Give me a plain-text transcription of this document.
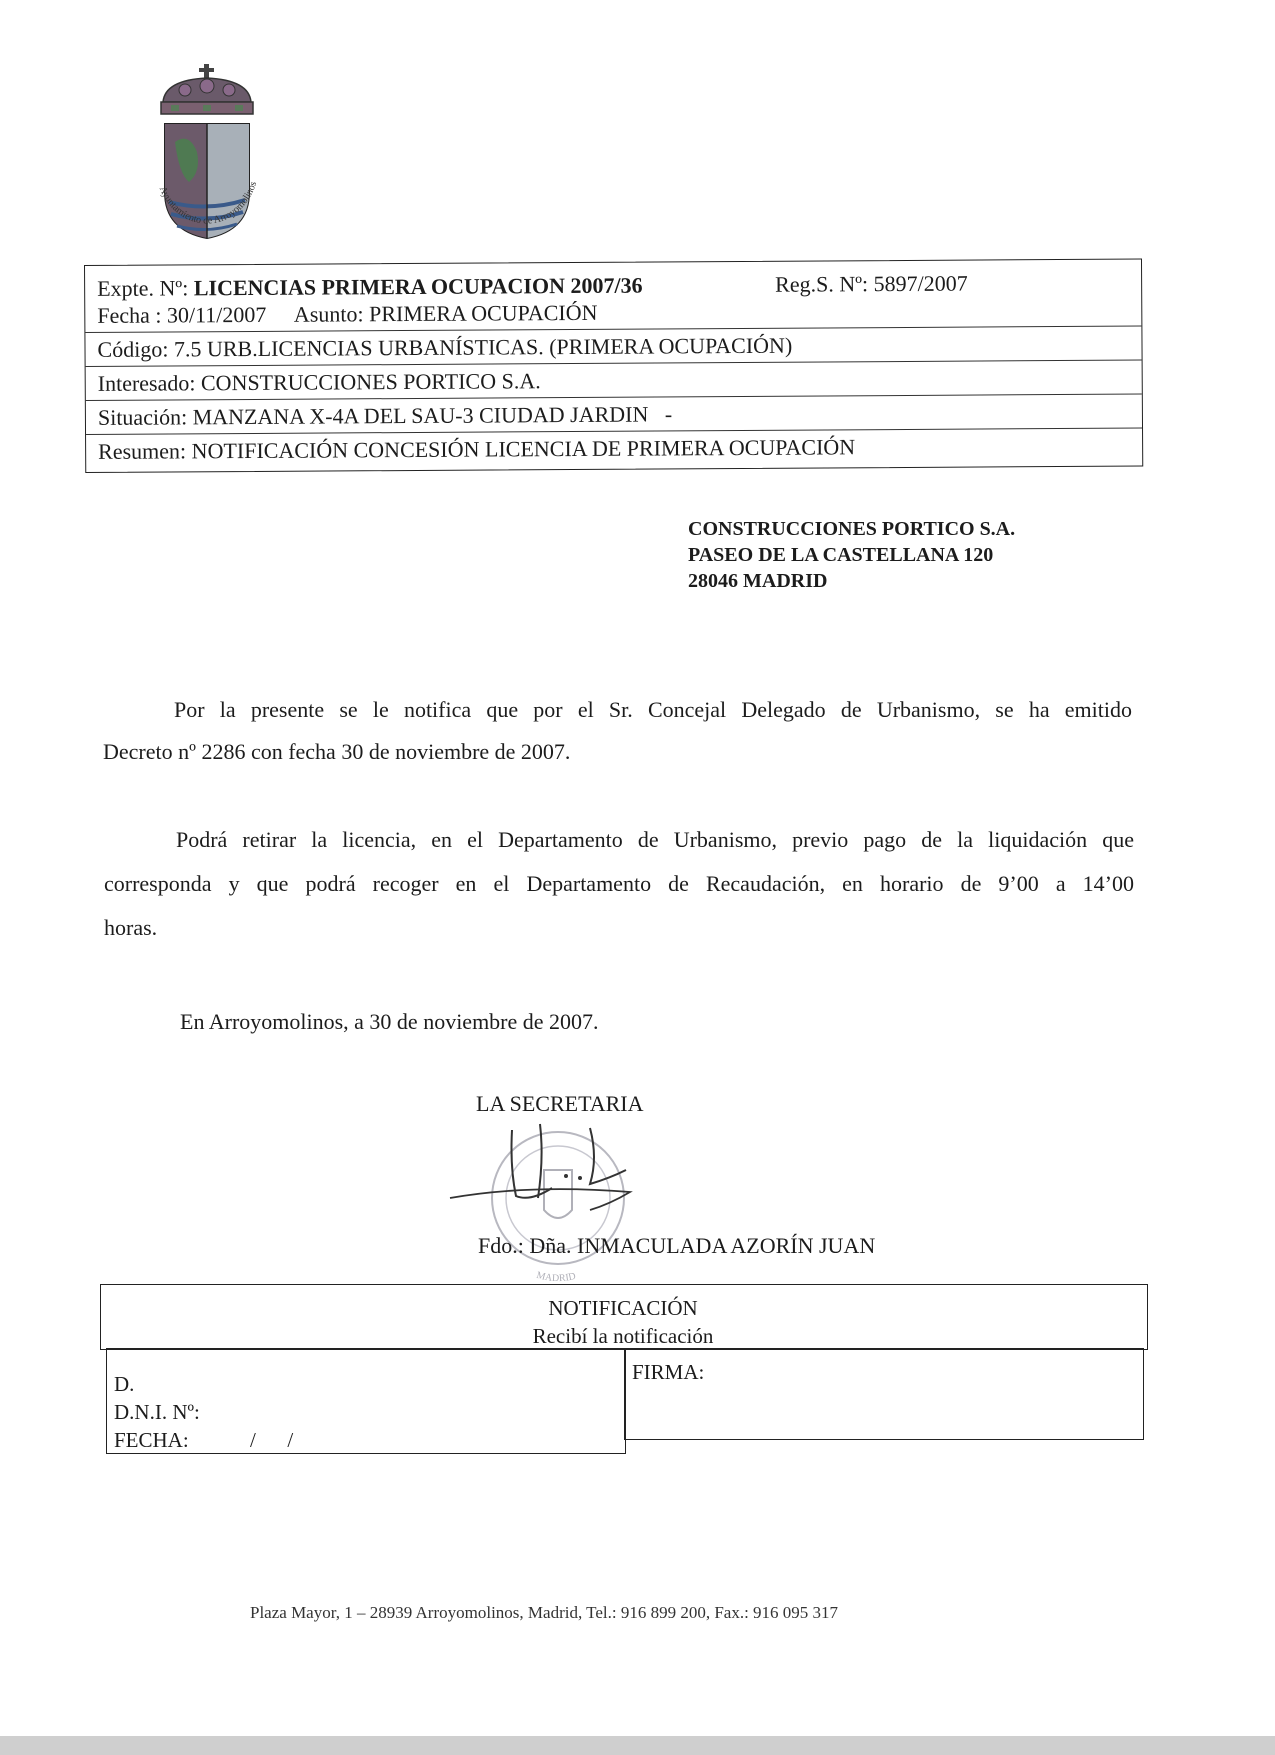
Ayuntamiento de Arroyomolinos
Expte. Nº: LICENCIAS PRIMERA OCUPACION 2007/36	Reg.S. Nº: 5897/2007
Fecha : 30/11/2007 Asunto: PRIMERA OCUPACIÓN
Código: 7.5 URB.LICENCIAS URBANÍSTICAS. (PRIMERA OCUPACIÓN)
Interesado: CONSTRUCCIONES PORTICO S.A.
Situación: MANZANA X-4A DEL SAU-3 CIUDAD JARDIN   -
Resumen: NOTIFICACIÓN CONCESIÓN LICENCIA DE PRIMERA OCUPACIÓN
CONSTRUCCIONES PORTICO S.A.
PASEO DE LA CASTELLANA 120
28046 MADRID
Por la presente se le notifica que por el Sr. Concejal Delegado de Urbanismo, se ha emitido
Decreto nº 2286 con fecha 30 de noviembre de 2007.
Podrá retirar la licencia, en el Departamento de Urbanismo, previo pago de la liquidación que
corresponda y que podrá recoger en el Departamento de Recaudación, en horario de 9’00 a 14’00
horas.
En Arroyomolinos, a 30 de noviembre de 2007.
LA SECRETARIA
MADRID
Fdo.: Dña. INMACULADA AZORÍN JUAN
NOTIFICACIÓN
Recibí la notificación
D.
D.N.I. Nº:
FECHA:	/      /
FIRMA:
Plaza Mayor, 1 – 28939 Arroyomolinos, Madrid, Tel.: 916 899 200, Fax.: 916 095 317
